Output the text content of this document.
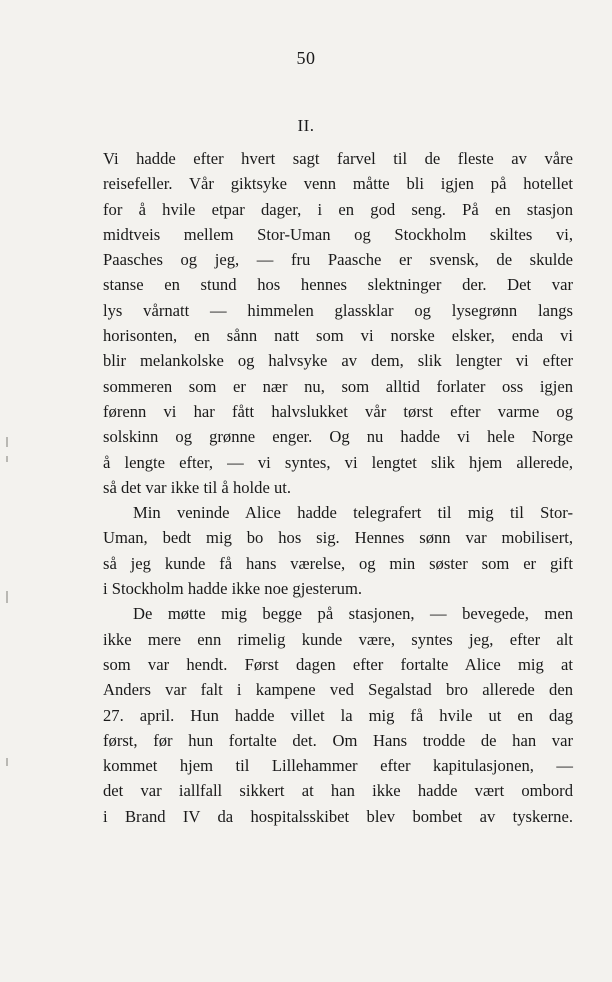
50
II.
Vi hadde efter hvert sagt farvel til de fleste av våre
reisefeller. Vår giktsyke venn måtte bli igjen på hotellet
for å hvile etpar dager, i en god seng. På en stasjon
midtveis mellem Stor-Uman og Stockholm skiltes vi,
Paasches og jeg, — fru Paasche er svensk, de skulde
stanse en stund hos hennes slektninger der. Det var
lys vårnatt — himmelen glassklar og lysegrønn langs
horisonten, en sånn natt som vi norske elsker, enda vi
blir melankolske og halvsyke av dem, slik lengter vi efter
sommeren som er nær nu, som alltid forlater oss igjen
førenn vi har fått halvslukket vår tørst efter varme og
solskinn og grønne enger. Og nu hadde vi hele Norge
å lengte efter, — vi syntes, vi lengtet slik hjem allerede,
så det var ikke til å holde ut.
Min veninde Alice hadde telegrafert til mig til Stor-
Uman, bedt mig bo hos sig. Hennes sønn var mobilisert,
så jeg kunde få hans værelse, og min søster som er gift
i Stockholm hadde ikke noe gjesterum.
De møtte mig begge på stasjonen, — bevegede, men
ikke mere enn rimelig kunde være, syntes jeg, efter alt
som var hendt. Først dagen efter fortalte Alice mig at
Anders var falt i kampene ved Segalstad bro allerede den
27. april. Hun hadde villet la mig få hvile ut en dag
først, før hun fortalte det. Om Hans trodde de han var
kommet hjem til Lillehammer efter kapitulasjonen, —
det var iallfall sikkert at han ikke hadde vært ombord
i Brand IV da hospitalsskibet blev bombet av tyskerne.
